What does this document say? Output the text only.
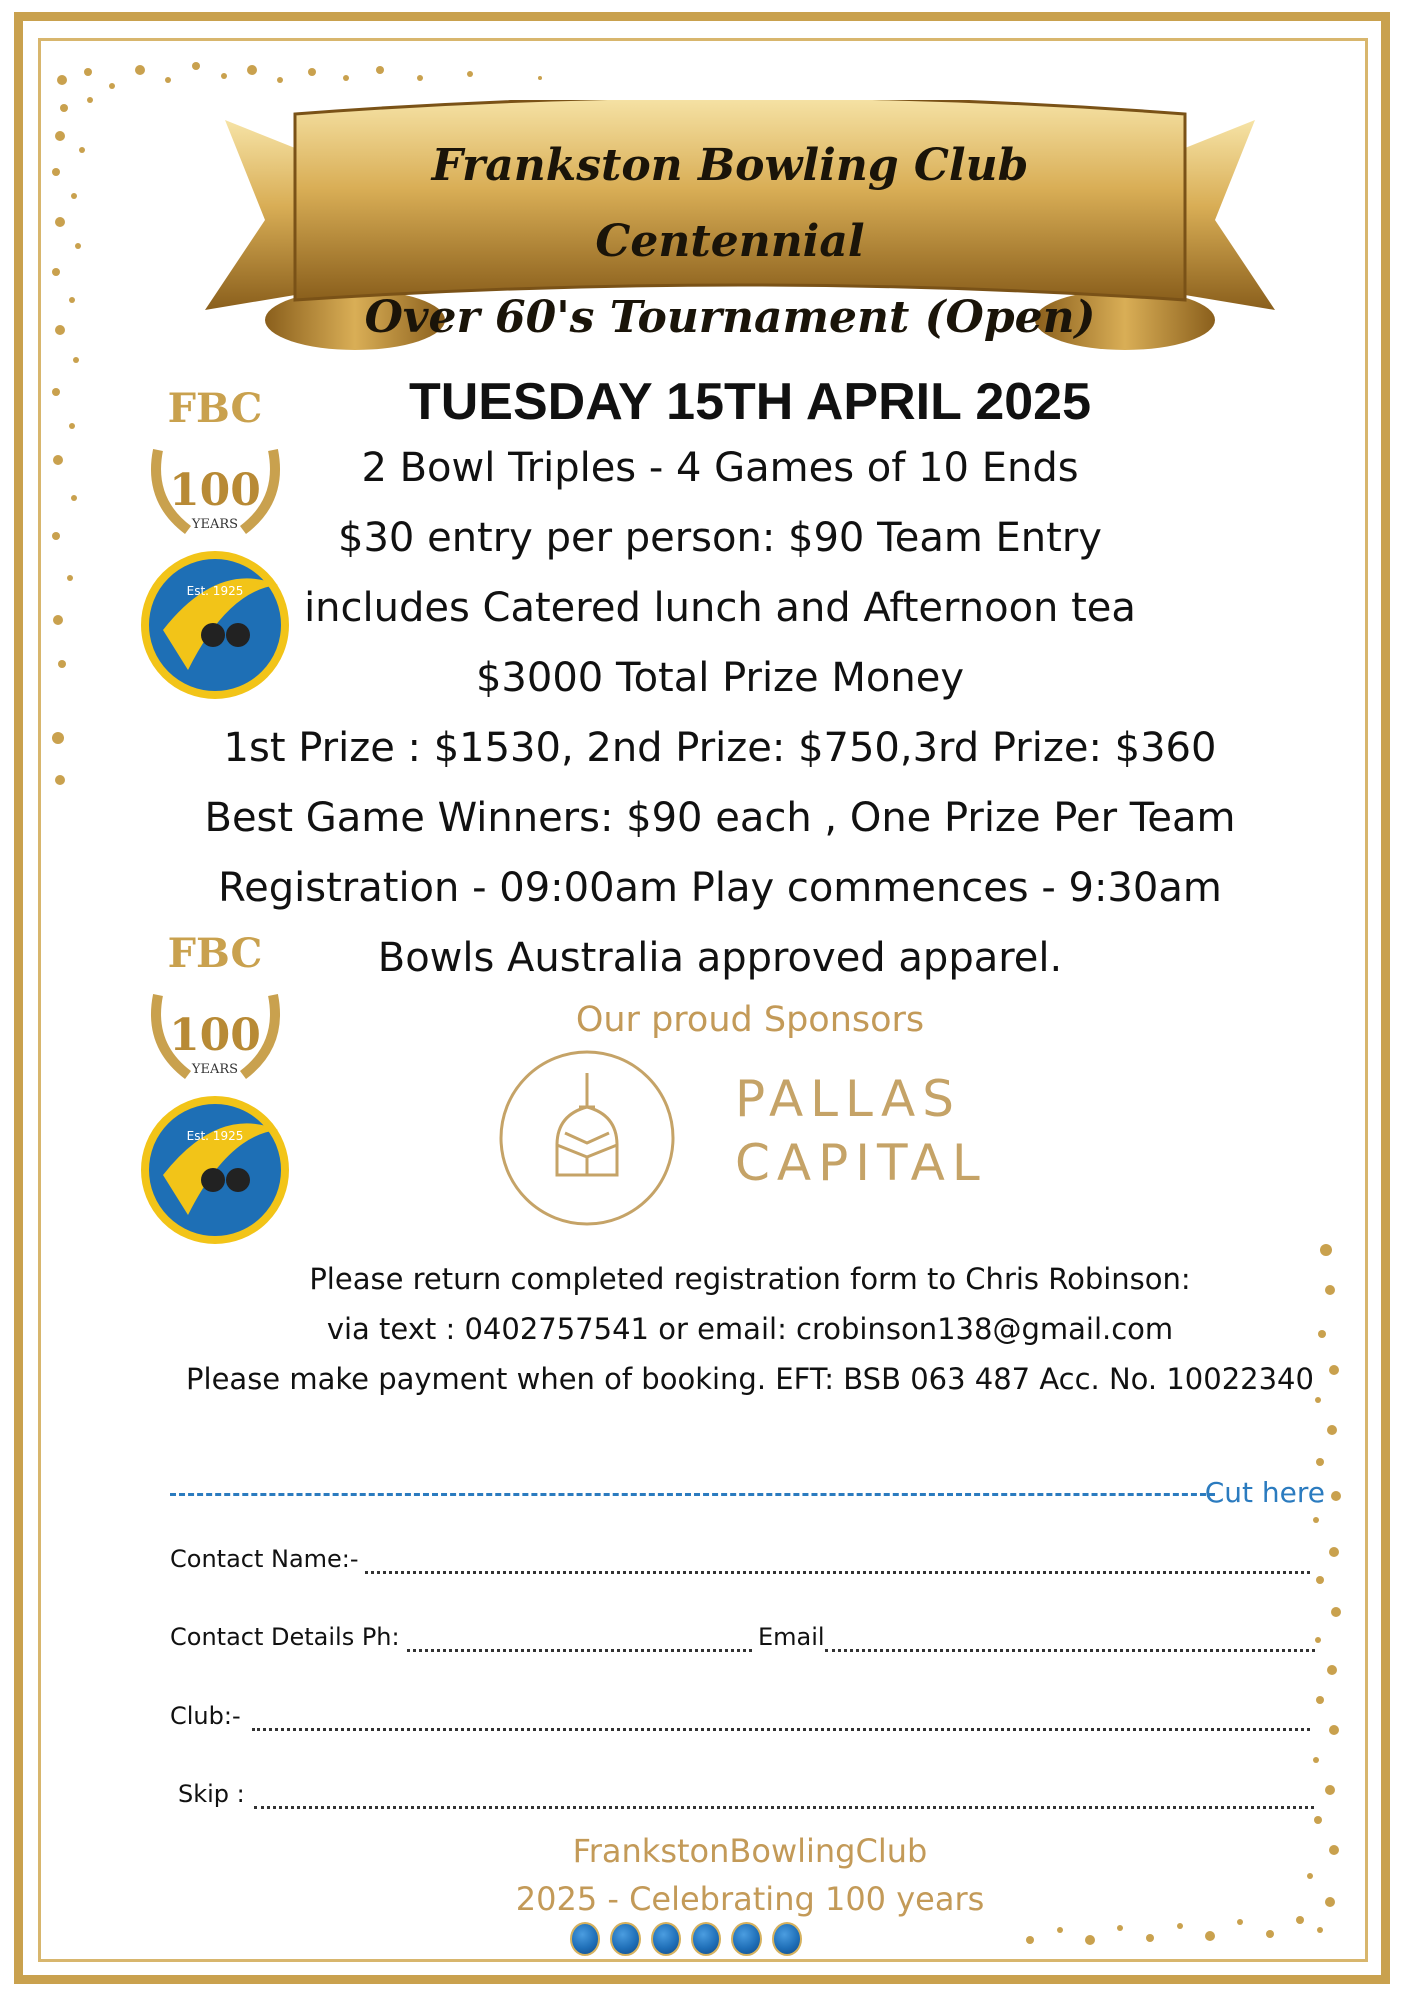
Frankston Bowling Club Centennial
Over 60's Tournament (Open)
FBC
100
YEARS
Est. 1925
FBC
100
YEARS
Est. 1925
TUESDAY 15TH APRIL 2025
2 Bowl Triples - 4 Games of 10 Ends
$30 entry per person: $90 Team Entry
includes Catered lunch and Afternoon tea
$3000 Total Prize Money
1st Prize : $1530, 2nd Prize: $750,3rd Prize: $360
Best Game Winners: $90 each , One Prize Per Team
Registration - 09:00am Play commences - 9:30am
Bowls Australia approved apparel.
Our proud Sponsors
PALLAS
CAPITAL
Please return completed registration form to Chris Robinson:
via text : 0402757541 or email: crobinson138@gmail.com
Please make payment when of booking. EFT: BSB 063 487 Acc. No. 10022340
Cut here
Contact Name:-
Contact Details Ph:	Email
Club:-
Skip :
FrankstonBowlingClub
2025 - Celebrating 100 years
